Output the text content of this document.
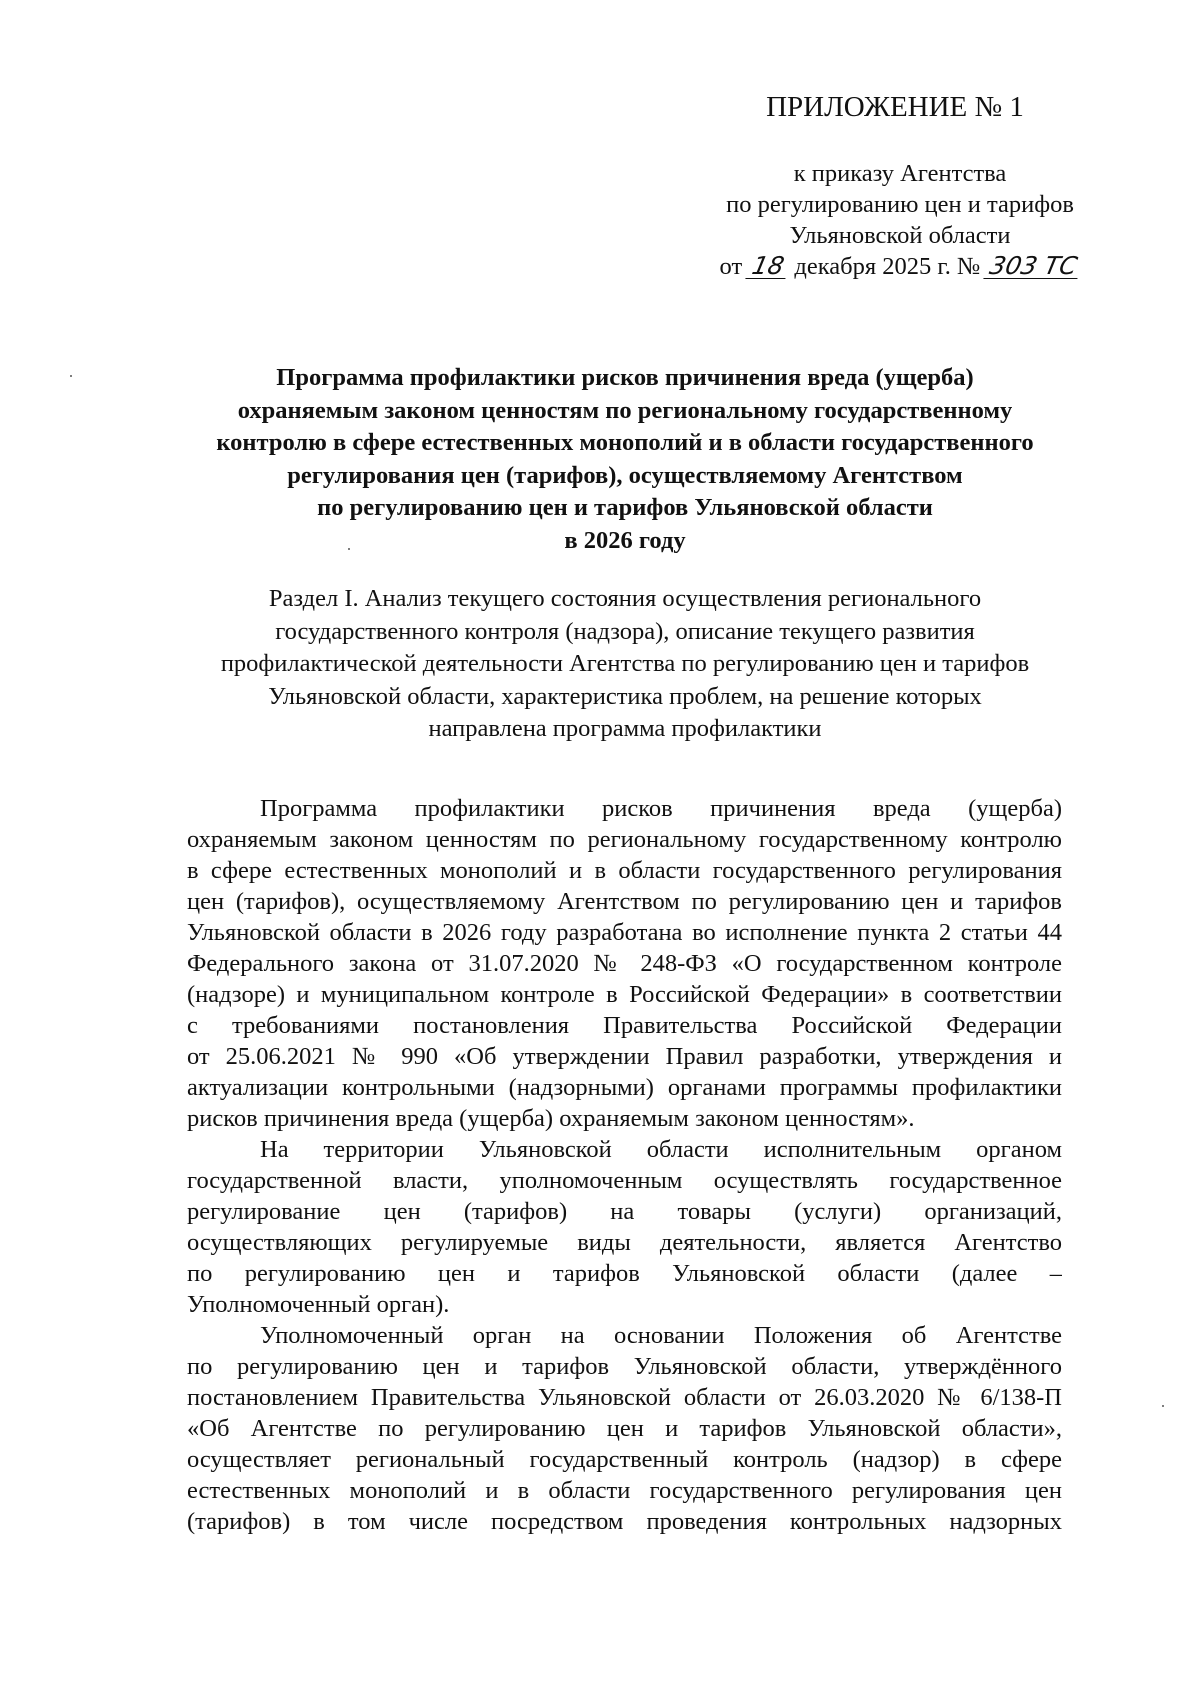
ПРИЛОЖЕНИЕ № 1
к приказу Агентства
по регулированию цен и тарифов
Ульяновской области
от 18 декабря 2025 г. № 303 ТС
Программа профилактики рисков причинения вреда (ущерба)
охраняемым законом ценностям по региональному государственному
контролю в сфере естественных монополий и в области государственного
регулирования цен (тарифов), осуществляемому Агентством
по регулированию цен и тарифов Ульяновской области
в 2026 году
Раздел I. Анализ текущего состояния осуществления регионального
государственного контроля (надзора), описание текущего развития
профилактической деятельности Агентства по регулированию цен и тарифов
Ульяновской области, характеристика проблем, на решение которых
направлена программа профилактики
Программа профилактики рисков причинения вреда (ущерба)
охраняемым законом ценностям по региональному государственному контролю
в сфере естественных монополий и в области государственного регулирования
цен (тарифов), осуществляемому Агентством по регулированию цен и тарифов
Ульяновской области в 2026 году разработана во исполнение пункта 2 статьи 44
Федерального закона от 31.07.2020 № 248-ФЗ «О государственном контроле
(надзоре) и муниципальном контроле в Российской Федерации» в соответствии
с требованиями постановления Правительства Российской Федерации
от 25.06.2021 № 990 «Об утверждении Правил разработки, утверждения и
актуализации контрольными (надзорными) органами программы профилактики
рисков причинения вреда (ущерба) охраняемым законом ценностям».
На территории Ульяновской области исполнительным органом
государственной власти, уполномоченным осуществлять государственное
регулирование цен (тарифов) на товары (услуги) организаций,
осуществляющих регулируемые виды деятельности, является Агентство
по регулированию цен и тарифов Ульяновской области (далее –
Уполномоченный орган).
Уполномоченный орган на основании Положения об Агентстве
по регулированию цен и тарифов Ульяновской области, утверждённого
постановлением Правительства Ульяновской области от 26.03.2020 № 6/138-П
«Об Агентстве по регулированию цен и тарифов Ульяновской области»,
осуществляет региональный государственный контроль (надзор) в сфере
естественных монополий и в области государственного регулирования цен
(тарифов) в том числе посредством проведения контрольных надзорных
